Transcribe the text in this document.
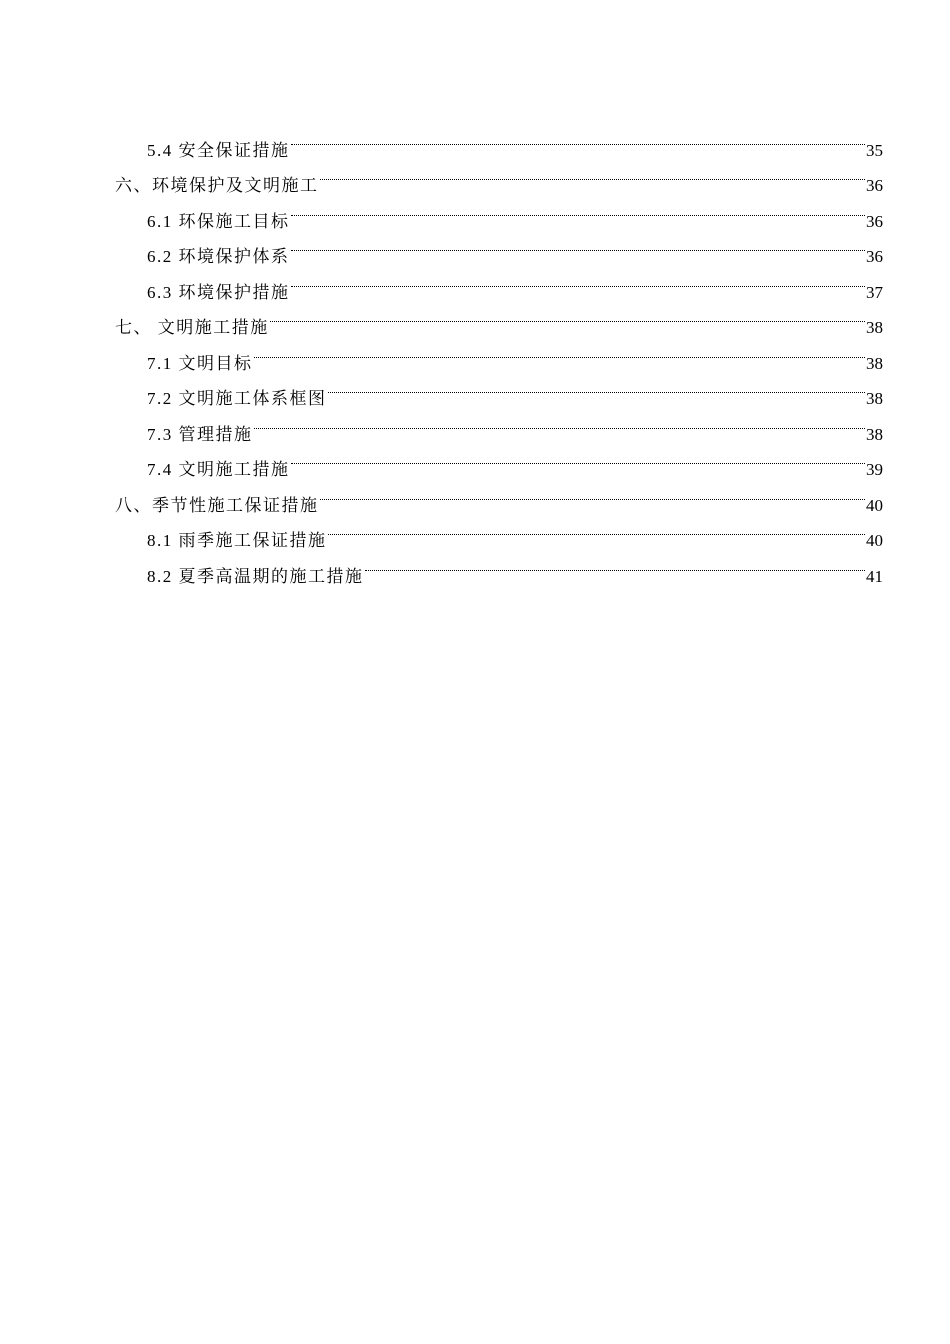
5.4 安全保证措施	35
六、环境保护及文明施工	36
6.1 环保施工目标	36
6.2 环境保护体系	36
6.3 环境保护措施	37
七、 文明施工措施	38
7.1 文明目标	38
7.2 文明施工体系框图	38
7.3 管理措施	38
7.4 文明施工措施	39
八、季节性施工保证措施	40
8.1 雨季施工保证措施	40
8.2 夏季高温期的施工措施	41
